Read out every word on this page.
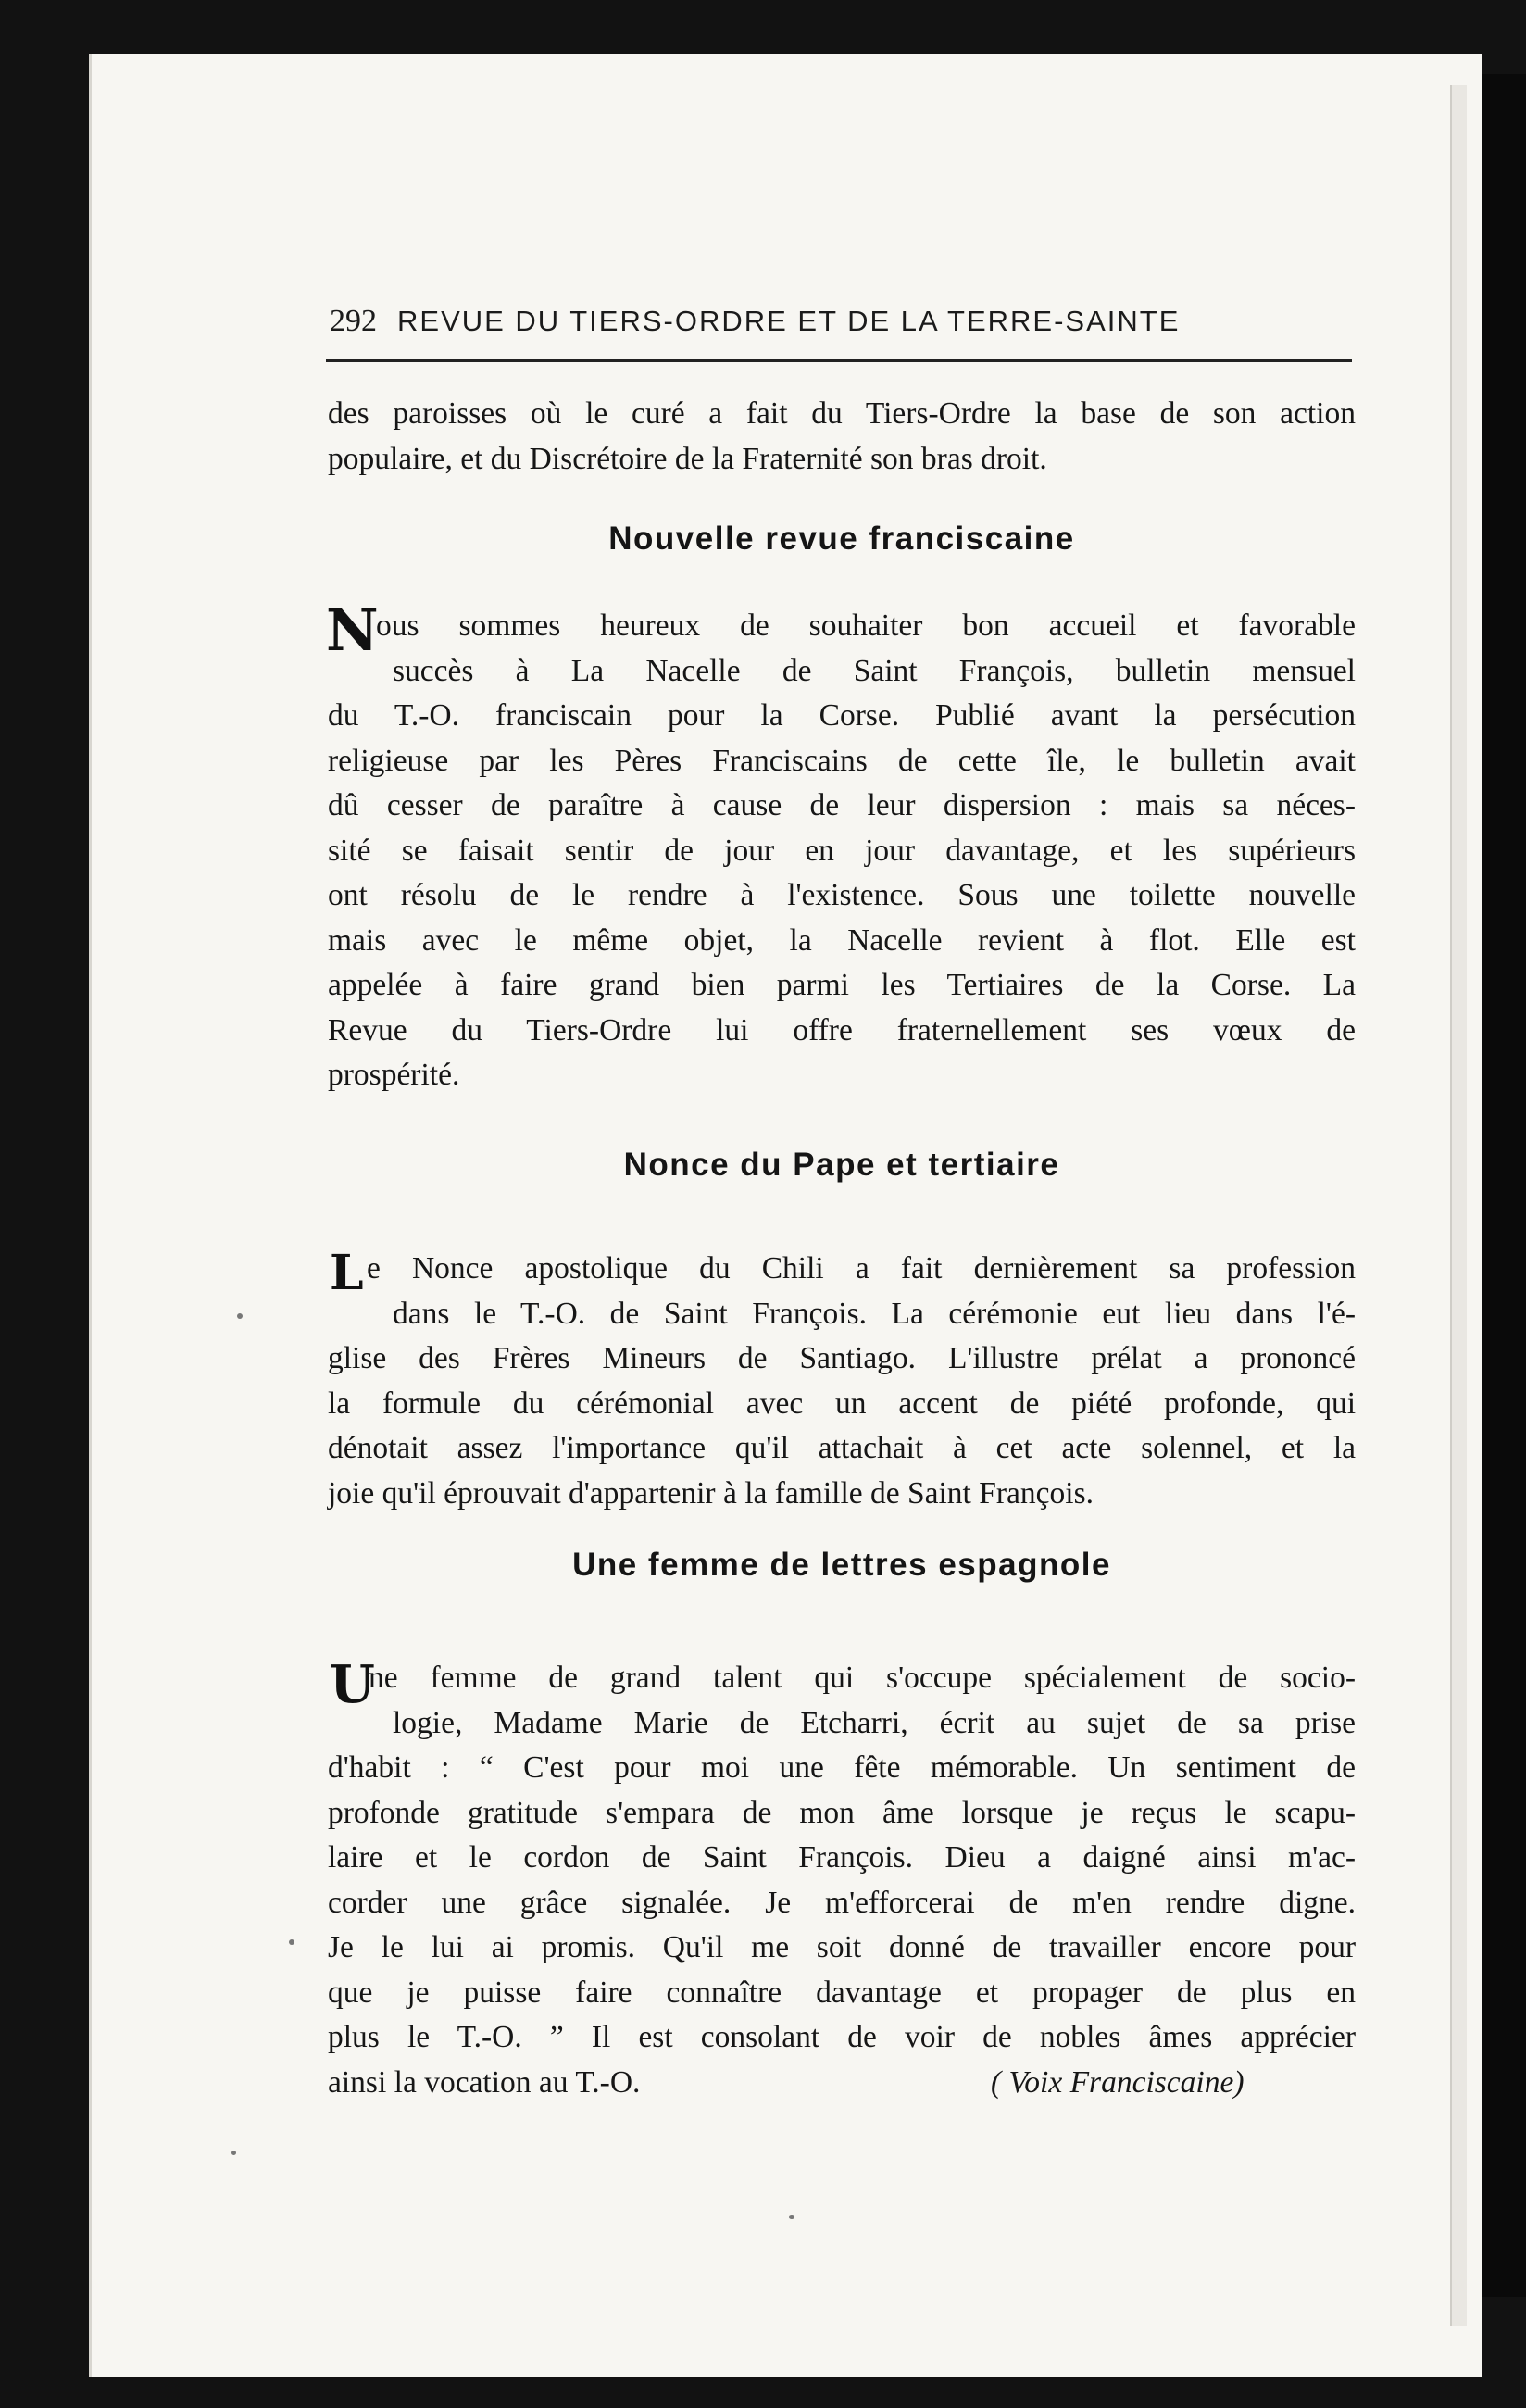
292 REVUE DU TIERS-ORDRE ET DE LA TERRE-SAINTE
des paroisses où le curé a fait du Tiers-Ordre la base de son action
populaire, et du Discrétoire de la Fraternité son bras droit.
Nouvelle revue franciscaine
N
ous sommes heureux de souhaiter bon accueil et favorable
succès à La Nacelle de Saint François, bulletin mensuel
du T.-O. franciscain pour la Corse. Publié avant la persécution
religieuse par les Pères Franciscains de cette île, le bulletin avait
dû cesser de paraître à cause de leur dispersion : mais sa néces-
sité se faisait sentir de jour en jour davantage, et les supérieurs
ont résolu de le rendre à l'existence. Sous une toilette nouvelle
mais avec le même objet, la Nacelle revient à flot. Elle est
appelée à faire grand bien parmi les Tertiaires de la Corse. La
Revue du Tiers-Ordre lui offre fraternellement ses vœux de
prospérité.
Nonce du Pape et tertiaire
L e Nonce apostolique du Chili a fait dernièrement sa profession
dans le T.-O. de Saint François. La cérémonie eut lieu dans l'é-
glise des Frères Mineurs de Santiago. L'illustre prélat a prononcé
la formule du cérémonial avec un accent de piété profonde, qui
dénotait assez l'importance qu'il attachait à cet acte solennel, et la
joie qu'il éprouvait d'appartenir à la famille de Saint François.
Une femme de lettres espagnole
U
ne femme de grand talent qui s'occupe spécialement de socio-
logie, Madame Marie de Etcharri, écrit au sujet de sa prise
d'habit : “ C'est pour moi une fête mémorable. Un sentiment de
profonde gratitude s'empara de mon âme lorsque je reçus le scapu-
laire et le cordon de Saint François. Dieu a daigné ainsi m'ac-
corder une grâce signalée. Je m'efforcerai de m'en rendre digne.
Je le lui ai promis. Qu'il me soit donné de travailler encore pour
que je puisse faire connaître davantage et propager de plus en
plus le T.-O. ” Il est consolant de voir de nobles âmes apprécier
ainsi la vocation au T.-O.	( Voix Franciscaine)
